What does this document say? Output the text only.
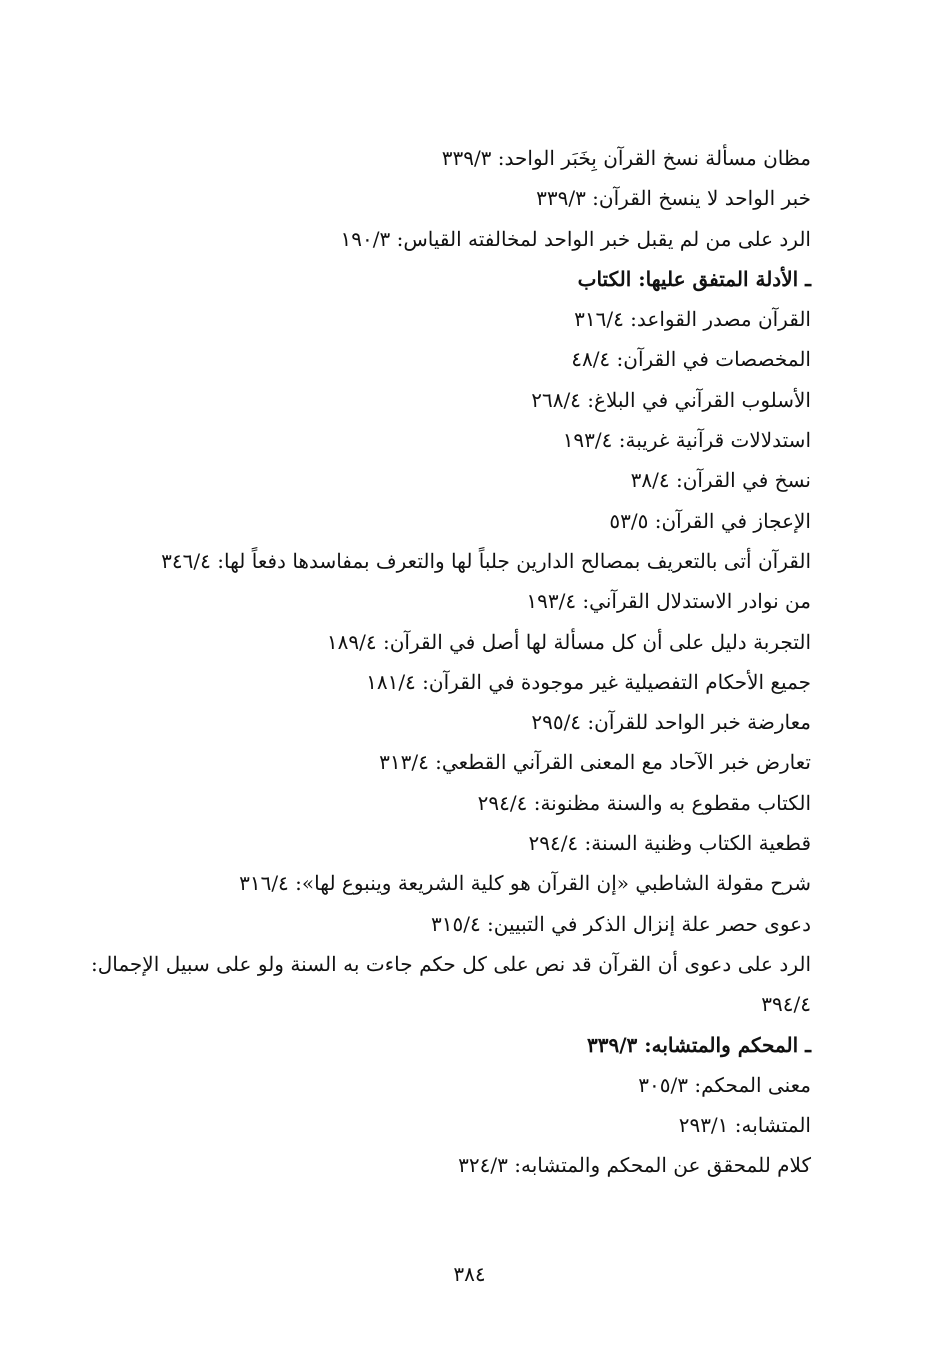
مظان مسألة نسخ القرآن بِخَبَر الواحد: ٣٣٩/٣

خبر الواحد لا ينسخ القرآن: ٣٣٩/٣

الرد على من لم يقبل خبر الواحد لمخالفته القياس: ١٩٠/٣

ـ الأدلة المتفق عليها: الكتاب

القرآن مصدر القواعد: ٣١٦/٤

المخصصات في القرآن: ٤٨/٤

الأسلوب القرآني في البلاغ: ٢٦٨/٤

استدلالات قرآنية غريبة: ١٩٣/٤

نسخ في القرآن: ٣٨/٤

الإعجاز في القرآن: ٥٣/٥

القرآن أتى بالتعريف بمصالح الدارين جلباً لها والتعرف بمفاسدها دفعاً لها: ٣٤٦/٤

من نوادر الاستدلال القرآني: ١٩٣/٤

التجربة دليل على أن كل مسألة لها أصل في القرآن: ١٨٩/٤

جميع الأحكام التفصيلية غير موجودة في القرآن: ١٨١/٤

معارضة خبر الواحد للقرآن: ٢٩٥/٤

تعارض خبر الآحاد مع المعنى القرآني القطعي: ٣١٣/٤

الكتاب مقطوع به والسنة مظنونة: ٢٩٤/٤

قطعية الكتاب وظنية السنة: ٢٩٤/٤

شرح مقولة الشاطبي «إن القرآن هو كلية الشريعة وينبوع لها»: ٣١٦/٤

دعوى حصر علة إنزال الذكر في التبيين: ٣١٥/٤

الرد على دعوى أن القرآن قد نص على كل حكم جاءت به السنة ولو على سبيل الإجمال: ٣٩٤/٤

ـ المحكم والمتشابه: ٣٣٩/٣

معنى المحكم: ٣٠٥/٣

المتشابه: ٢٩٣/١

كلام للمحقق عن المحكم والمتشابه: ٣٢٤/٣

٣٨٤
